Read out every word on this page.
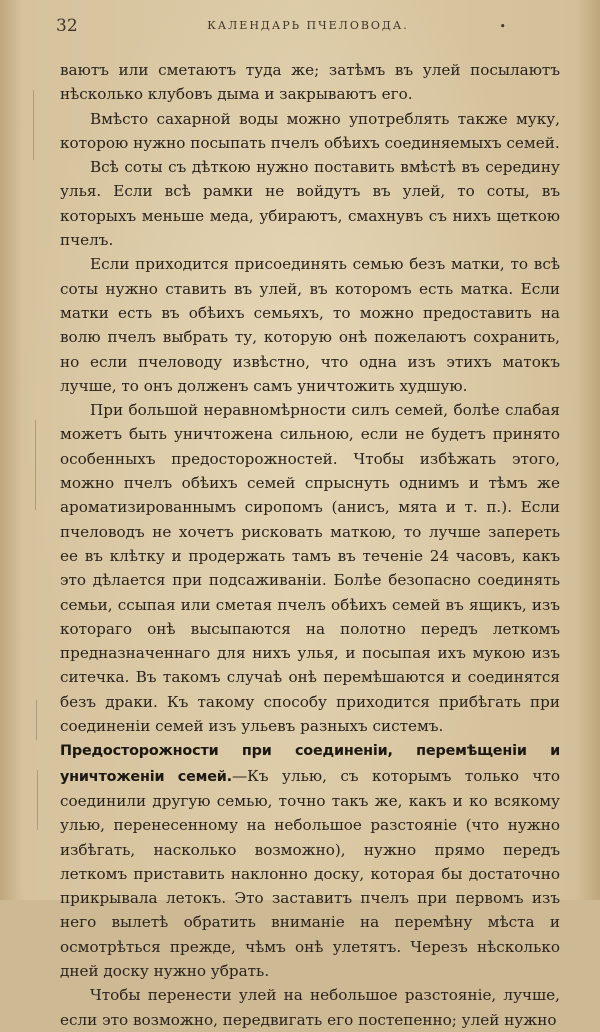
32	КАЛЕНДАРЬ ПЧЕЛОВОДА.	•

ваютъ или сметаютъ туда же; затѣмъ въ улей посылаютъ нѣсколько клубовъ дыма и закрываютъ его.

Вмѣсто сахарной воды можно употреблять также муку, которою нужно посыпать пчелъ обѣихъ соединяемыхъ семей.

Всѣ соты съ дѣткою нужно поставить вмѣстѣ въ середину улья. Если всѣ рамки не войдутъ въ улей, то соты, въ которыхъ меньше меда, убираютъ, смахнувъ съ нихъ щеткою пчелъ.

Если приходится присоединять семью безъ матки, то всѣ соты нужно ставить въ улей, въ которомъ есть матка. Если матки есть въ обѣихъ семьяхъ, то можно предоставить на волю пчелъ выбрать ту, которую онѣ пожелаютъ сохранить, но если пчеловоду извѣстно, что одна изъ этихъ матокъ лучше, то онъ долженъ самъ уничтожить худшую.

При большой неравномѣрности силъ семей, болѣе слабая можетъ быть уничтожена сильною, если не будетъ принято особенныхъ предосторожностей. Чтобы избѣжать этого, можно пчелъ обѣихъ семей спрыснуть однимъ и тѣмъ же ароматизированнымъ сиропомъ (анисъ, мята и т. п.). Если пчеловодъ не хочетъ рисковать маткою, то лучше запереть ее въ клѣтку и продержать тамъ въ теченіе 24 часовъ, какъ это дѣлается при подсаживаніи. Болѣе безопасно соединять семьи, ссыпая или сметая пчелъ обѣихъ семей въ ящикъ, изъ котораго онѣ высыпаются на полотно передъ леткомъ предназначеннаго для нихъ улья, и посыпая ихъ мукою изъ ситечка. Въ такомъ случаѣ онѣ перемѣшаются и соединятся безъ драки. Къ такому способу приходится прибѣгать при соединеніи семей изъ ульевъ разныхъ системъ.

Предосторожности при соединеніи, перемѣщеніи и уничтоженіи семей.—Къ улью, съ которымъ только что соединили другую семью, точно такъ же, какъ и ко всякому улью, перенесенному на небольшое разстояніе (что нужно избѣгать, насколько возможно), нужно прямо передъ леткомъ приставить наклонно доску, которая бы достаточно прикрывала летокъ. Это заставитъ пчелъ при первомъ изъ него вылетѣ обратить вниманіе на перемѣну мѣста и осмотрѣться прежде, чѣмъ онѣ улетятъ. Черезъ нѣсколько дней доску нужно убрать.

Чтобы перенести улей на небольшое разстояніе, лучше, если это возможно, передвигать его постепенно; улей нужно
